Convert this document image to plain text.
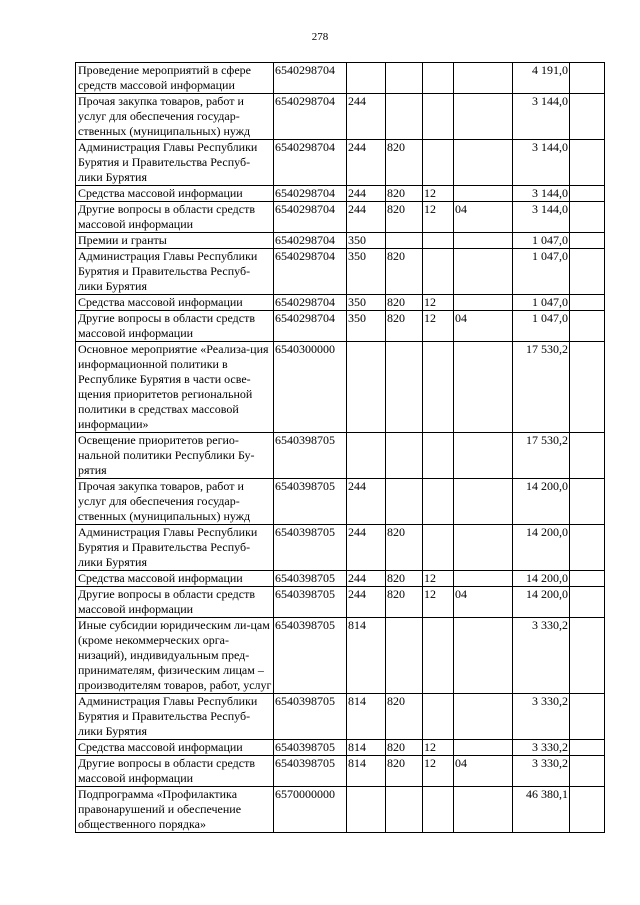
278
Проведение мероприятий в сфере средств массовой информации	6540298704					4 191,0	
Прочая закупка товаров, работ и услуг для обеспечения государ-ственных (муниципальных) нужд	6540298704	244				3 144,0	
Администрация Главы Республики Бурятия и Правительства Респуб-лики Бурятия	6540298704	244	820			3 144,0	
Средства массовой информации	6540298704	244	820	12		3 144,0	
Другие вопросы в области средств массовой информации	6540298704	244	820	12	04	3 144,0	
Премии и гранты	6540298704	350				1 047,0	
Администрация Главы Республики Бурятия и Правительства Респуб-лики Бурятия	6540298704	350	820			1 047,0	
Средства массовой информации	6540298704	350	820	12		1 047,0	
Другие вопросы в области средств массовой информации	6540298704	350	820	12	04	1 047,0	
Основное мероприятие «Реализа-ция информационной политики в Республике Бурятия в части осве-щения приоритетов региональной политики в средствах массовой информации»	6540300000					17 530,2	
Освещение приоритетов регио-нальной политики Республики Бу-рятия	6540398705					17 530,2	
Прочая закупка товаров, работ и услуг для обеспечения государ-ственных (муниципальных) нужд	6540398705	244				14 200,0	
Администрация Главы Республики Бурятия и Правительства Респуб-лики Бурятия	6540398705	244	820			14 200,0	
Средства массовой информации	6540398705	244	820	12		14 200,0	
Другие вопросы в области средств массовой информации	6540398705	244	820	12	04	14 200,0	
Иные субсидии юридическим ли-цам (кроме некоммерческих орга-низаций), индивидуальным пред-принимателям, физическим лицам – производителям товаров, работ, услуг	6540398705	814				3 330,2	
Администрация Главы Республики Бурятия и Правительства Респуб-лики Бурятия	6540398705	814	820			3 330,2	
Средства массовой информации	6540398705	814	820	12		3 330,2	
Другие вопросы в области средств массовой информации	6540398705	814	820	12	04	3 330,2	
Подпрограмма «Профилактика правонарушений и обеспечение общественного порядка»	6570000000					46 380,1	
